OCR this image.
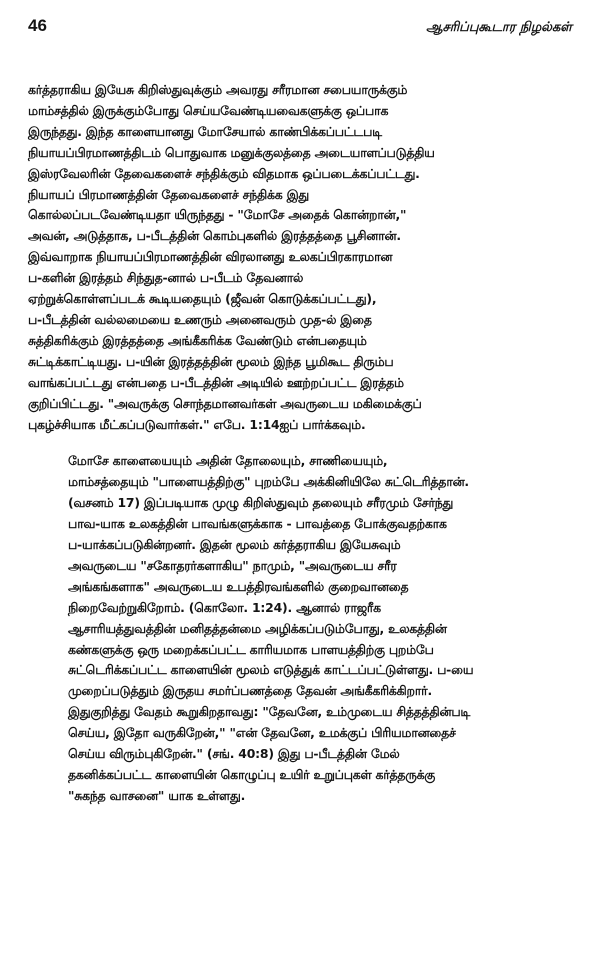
46	ஆசரிப்புகூடார நிழல்கள்
கர்த்தராகிய இயேசு கிறிஸ்துவுக்கும் அவரது சரீரமான சபையாருக்கும்
மாம்சத்தில் இருக்கும்போது செய்யவேண்டியவைகளுக்கு ஒப்பாக
இருந்தது. இந்த காளையானது மோசேயால் காண்பிக்கப்பட்டபடி
நியாயப்பிரமாணத்திடம் பொதுவாக மனுக்குலத்தை அடையாளப்படுத்திய
இஸ்ரவேலரின் தேவைகளைச் சந்திக்கும் விதமாக ஒப்படைக்கப்பட்டது.
நியாயப் பிரமாணத்தின் தேவைகளைச் சந்திக்க இது
கொல்லப்படவேண்டியதா யிருந்தது - "மோசே அதைக் கொன்றான்,"
அவன், அடுத்தாக, ப-பீடத்தின் கொம்புகளில் இரத்தத்தை பூசினான்.
இவ்வாறாக நியாயப்பிரமாணத்தின் விரலானது உலகப்பிரகாரமான
ப-களின் இரத்தம் சிந்துத-னால் ப-பீடம் தேவனால்
ஏற்றுக்கொள்ளப்படக் கூடியதையும் (ஜீவன் கொடுக்கப்பட்டது),
ப-பீடத்தின் வல்லமையை உணரும் அனைவரும் முத-ல் இதை
சுத்திகரிக்கும் இரத்தத்தை அங்கீகரிக்க வேண்டும் என்பதையும்
சுட்டிக்காட்டியது. ப-யின் இரத்தத்தின் மூலம் இந்த பூமிகூட திரும்ப
வாங்கப்பட்டது என்பதை ப-பீடத்தின் அடியில் ஊற்றப்பட்ட இரத்தம்
குறிப்பிட்டது. "அவருக்கு சொந்தமானவர்கள் அவருடைய மகிமைக்குப்
புகழ்ச்சியாக மீட்கப்படுவார்கள்." எபே. 1:14ஐப் பார்க்கவும்.
மோசே காளையையும் அதின் தோலையும், சாணியையும்,
மாம்சத்தையும் "பாளையத்திற்கு" புறம்பே அக்கினியிலே சுட்டெரித்தான்.
(வசனம் 17) இப்படியாக முழு கிறிஸ்துவும் தலையும் சரீரமும் சேர்ந்து
பாவ-யாக உலகத்தின் பாவங்களுக்காக - பாவத்தை போக்குவதற்காக
ப-யாக்கப்படுகின்றனர். இதன் மூலம் கர்த்தராகிய இயேசுவும்
அவருடைய "சகோதரர்களாகிய" நாமும், "அவருடைய சரீர
அங்கங்களாக" அவருடைய உபத்திரவங்களில் குறைவானதை
நிறைவேற்றுகிறோம். (கொலோ. 1:24). ஆனால் ராஜரீக
ஆசாரியத்துவத்தின் மனிதத்தன்மை அழிக்கப்படும்போது, உலகத்தின்
கண்களுக்கு ஒரு மறைக்கப்பட்ட காரியமாக பாளயத்திற்கு புறம்பே
சுட்டெரிக்கப்பட்ட காளையின் மூலம் எடுத்துக் காட்டப்பட்டுள்ளது. ப-யை
முறைப்படுத்தும் இருதய சமர்ப்பணத்தை தேவன் அங்கீகரிக்கிறார்.
இதுகுறித்து வேதம் கூறுகிறதாவது: "தேவனே, உம்முடைய சித்தத்தின்படி
செய்ய, இதோ வருகிறேன்," "என் தேவனே, உமக்குப் பிரியமானதைச்
செய்ய விரும்புகிறேன்." (சங். 40:8) இது ப-பீடத்தின் மேல்
தகனிக்கப்பட்ட காளையின் கொழுப்பு உயிர் உறுப்புகள் கர்த்தருக்கு
"சுகந்த வாசனை" யாக உள்ளது.
